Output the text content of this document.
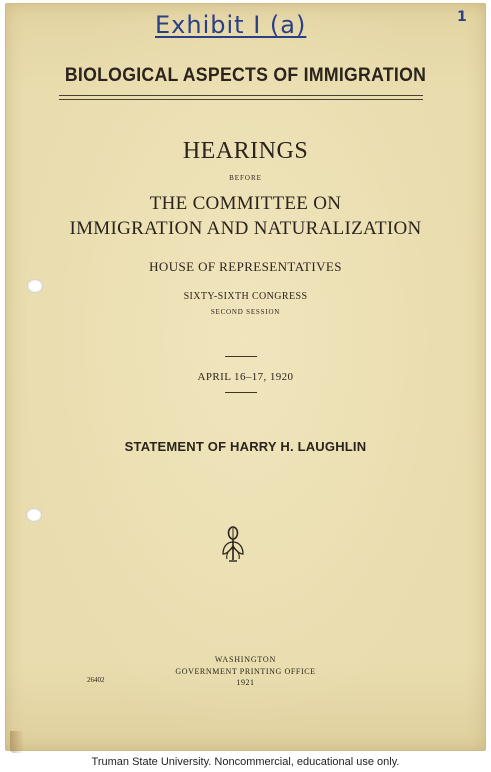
Exhibit I (a)	1

BIOLOGICAL ASPECTS OF IMMIGRATION

HEARINGS

BEFORE

THE COMMITTEE ON

IMMIGRATION AND NATURALIZATION

HOUSE OF REPRESENTATIVES

SIXTY-SIXTH CONGRESS

SECOND SESSION

APRIL 16–17, 1920

STATEMENT OF HARRY H. LAUGHLIN

WASHINGTON

GOVERNMENT PRINTING OFFICE

1921

26402
Truman State University. Noncommercial, educational use only.
